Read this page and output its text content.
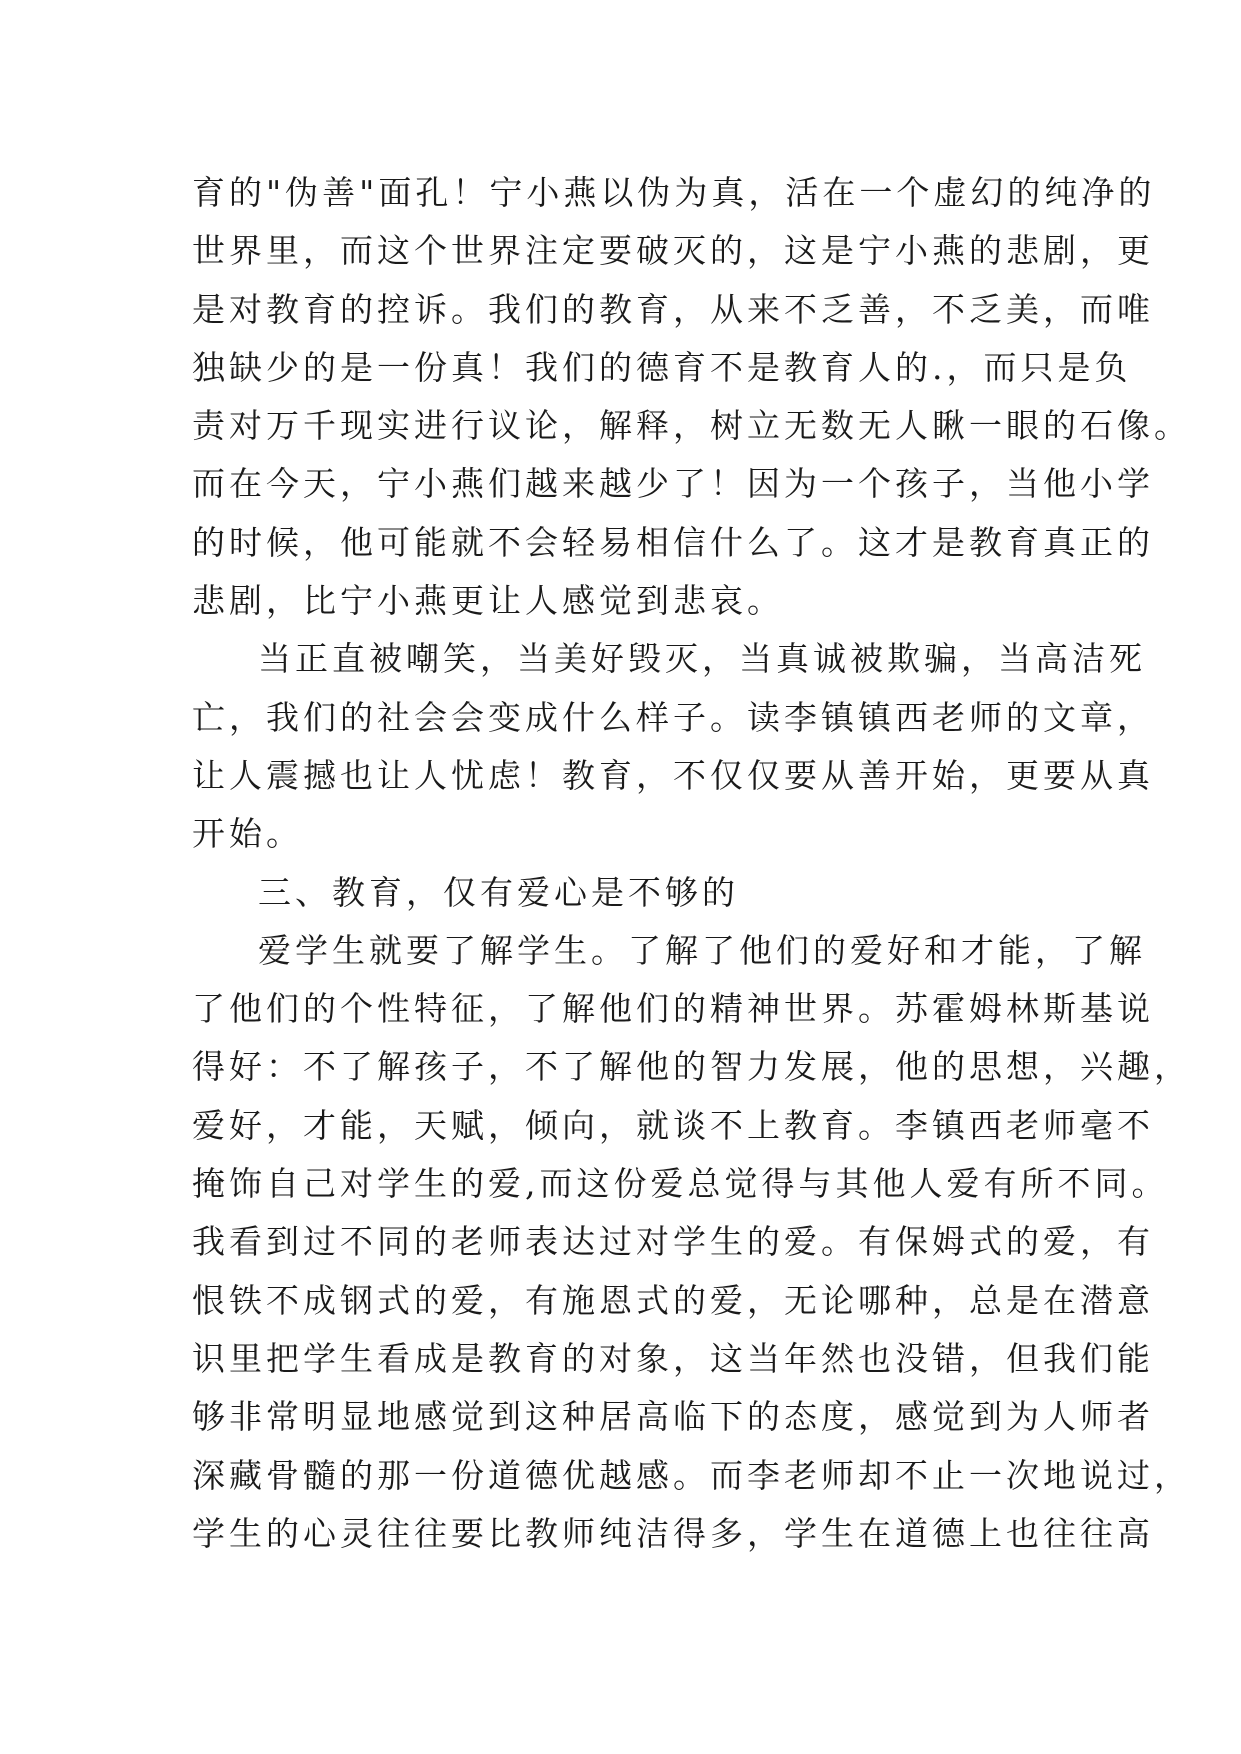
育的"伪善"面孔！宁小燕以伪为真，活在一个虚幻的纯净的
世界里，而这个世界注定要破灭的，这是宁小燕的悲剧，更
是对教育的控诉。我们的教育，从来不乏善，不乏美，而唯
独缺少的是一份真！我们的德育不是教育人的.，而只是负
责对万千现实进行议论，解释，树立无数无人瞅一眼的石像。
而在今天，宁小燕们越来越少了！因为一个孩子，当他小学
的时候，他可能就不会轻易相信什么了。这才是教育真正的
悲剧，比宁小燕更让人感觉到悲哀。
当正直被嘲笑，当美好毁灭，当真诚被欺骗，当高洁死
亡，我们的社会会变成什么样子。读李镇镇西老师的文章，
让人震撼也让人忧虑！教育，不仅仅要从善开始，更要从真
开始。
三、教育，仅有爱心是不够的
爱学生就要了解学生。了解了他们的爱好和才能，了解
了他们的个性特征，了解他们的精神世界。苏霍姆林斯基说
得好：不了解孩子，不了解他的智力发展，他的思想，兴趣，
爱好，才能，天赋，倾向，就谈不上教育。李镇西老师毫不
掩饰自己对学生的爱,而这份爱总觉得与其他人爱有所不同。
我看到过不同的老师表达过对学生的爱。有保姆式的爱，有
恨铁不成钢式的爱，有施恩式的爱，无论哪种，总是在潜意
识里把学生看成是教育的对象，这当年然也没错，但我们能
够非常明显地感觉到这种居高临下的态度，感觉到为人师者
深藏骨髓的那一份道德优越感。而李老师却不止一次地说过，
学生的心灵往往要比教师纯洁得多，学生在道德上也往往高
